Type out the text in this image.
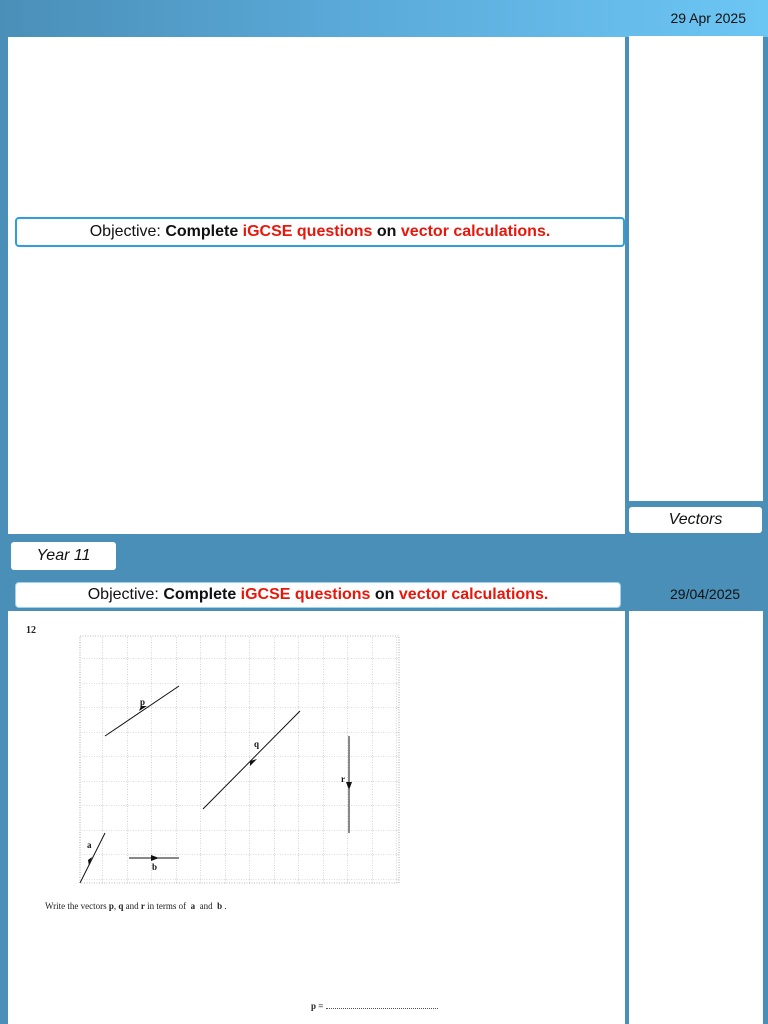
29 Apr 2025
Vectors
Objective: Complete iGCSE questions on vector calculations.
Year 11
Objective: Complete iGCSE questions on vector calculations.	29/04/2025
12
p
q
r
a
b
Write the vectors p, q and r in terms of  a  and  b .
p =
